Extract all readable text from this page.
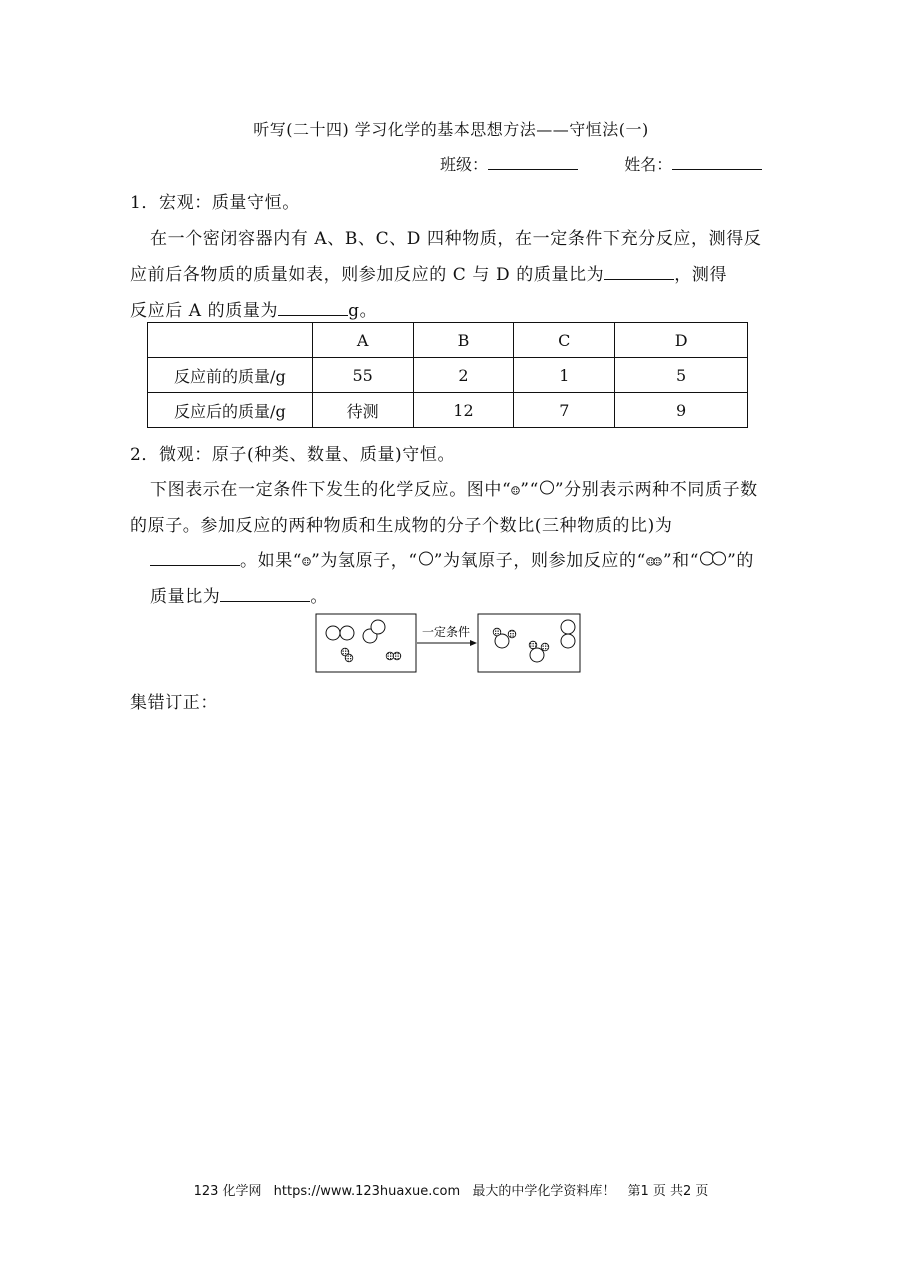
听写(二十四) 学习化学的基本思想方法——守恒法(一)
班级：	姓名：
1．宏观：质量守恒。
在一个密闭容器内有 A、B、C、D 四种物质，在一定条件下充分反应，测得反
应前后各物质的质量如表，则参加反应的 C 与 D 的质量比为	，测得
反应后 A 的质量为	g。
	A	B	C	D
反应前的质量/g	55	2	1	5
反应后的质量/g	待测	12	7	9
2．微观：原子(种类、数量、质量)守恒。
下图表示在一定条件下发生的化学反应。图中“ ”“ ”分别表示两种不同质子数
的原子。参加反应的两种物质和生成物的分子个数比(三种物质的比)为
。如果“ ”为氢原子，“ ”为氧原子，则参加反应的“ ”和“ ”的
质量比为	。
一定条件
集错订正：
123 化学网 https://www.123huaxue.com 最大的中学化学资料库！ 第1 页 共2 页
